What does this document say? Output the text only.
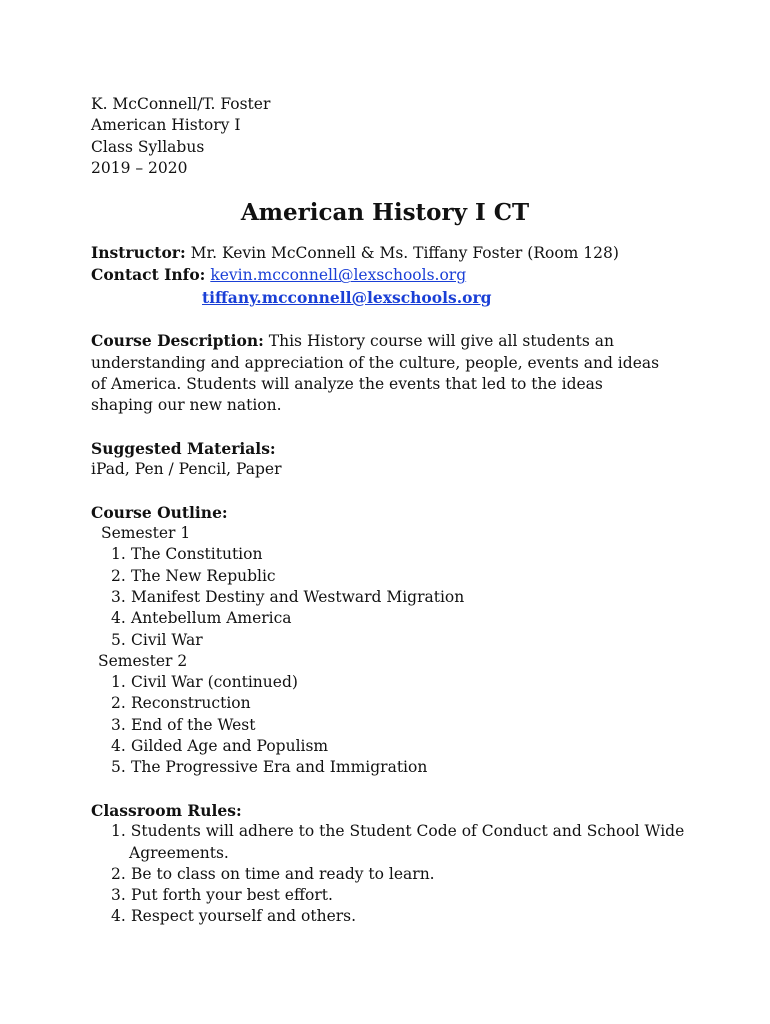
K. McConnell/T. Foster
American History I
Class Syllabus
2019 – 2020
American History I CT
Instructor: Mr. Kevin McConnell & Ms. Tiffany Foster (Room 128)
Contact Info: kevin.mcconnell@lexschools.org
tiffany.mcconnell@lexschools.org
Course Description: This History course will give all students an understanding and appreciation of the culture, people, events and ideas of America. Students will analyze the events that led to the ideas shaping our new nation.
Suggested Materials:
iPad, Pen / Pencil, Paper
Course Outline:
Semester 1
1. The Constitution
2. The New Republic
3. Manifest Destiny and Westward Migration
4. Antebellum America
5. Civil War
Semester 2
1. Civil War (continued)
2. Reconstruction
3. End of the West
4. Gilded Age and Populism
5. The Progressive Era and Immigration
Classroom Rules:
1. Students will adhere to the Student Code of Conduct and School Wide
Agreements.
2. Be to class on time and ready to learn.
3. Put forth your best effort.
4. Respect yourself and others.
